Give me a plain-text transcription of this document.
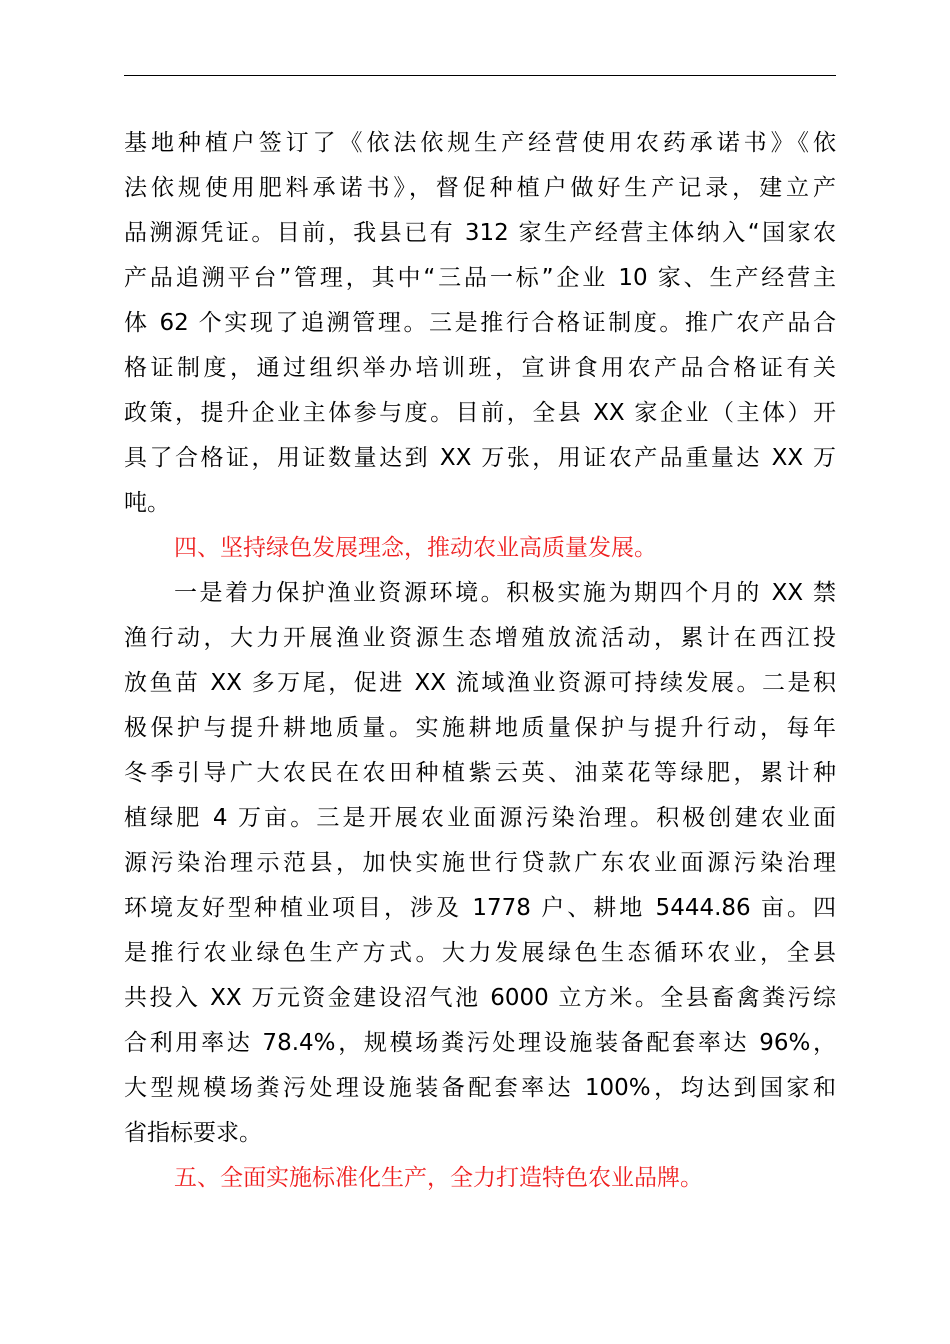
基地种植户签订了《依法依规生产经营使用农药承诺书》《依
法依规使用肥料承诺书》，督促种植户做好生产记录，建立产
品溯源凭证。目前，我县已有 312 家生产经营主体纳入“国家农
产品追溯平台”管理，其中“三品一标”企业 10 家、生产经营主
体 62 个实现了追溯管理。三是推行合格证制度。推广农产品合
格证制度，通过组织举办培训班，宣讲食用农产品合格证有关
政策，提升企业主体参与度。目前，全县 XX 家企业（主体）开
具了合格证，用证数量达到 XX 万张，用证农产品重量达 XX 万
吨。
四、坚持绿色发展理念，推动农业高质量发展。
一是着力保护渔业资源环境。积极实施为期四个月的 XX 禁
渔行动，大力开展渔业资源生态增殖放流活动，累计在西江投
放鱼苗 XX 多万尾，促进 XX 流域渔业资源可持续发展。二是积
极保护与提升耕地质量。实施耕地质量保护与提升行动，每年
冬季引导广大农民在农田种植紫云英、油菜花等绿肥，累计种
植绿肥 4 万亩。三是开展农业面源污染治理。积极创建农业面
源污染治理示范县，加快实施世行贷款广东农业面源污染治理
环境友好型种植业项目，涉及 1778 户、耕地 5444.86 亩。四
是推行农业绿色生产方式。大力发展绿色生态循环农业，全县
共投入 XX 万元资金建设沼气池 6000 立方米。全县畜禽粪污综
合利用率达 78.4%，规模场粪污处理设施装备配套率达 96%，
大型规模场粪污处理设施装备配套率达 100%，均达到国家和
省指标要求。
五、全面实施标准化生产，全力打造特色农业品牌。
